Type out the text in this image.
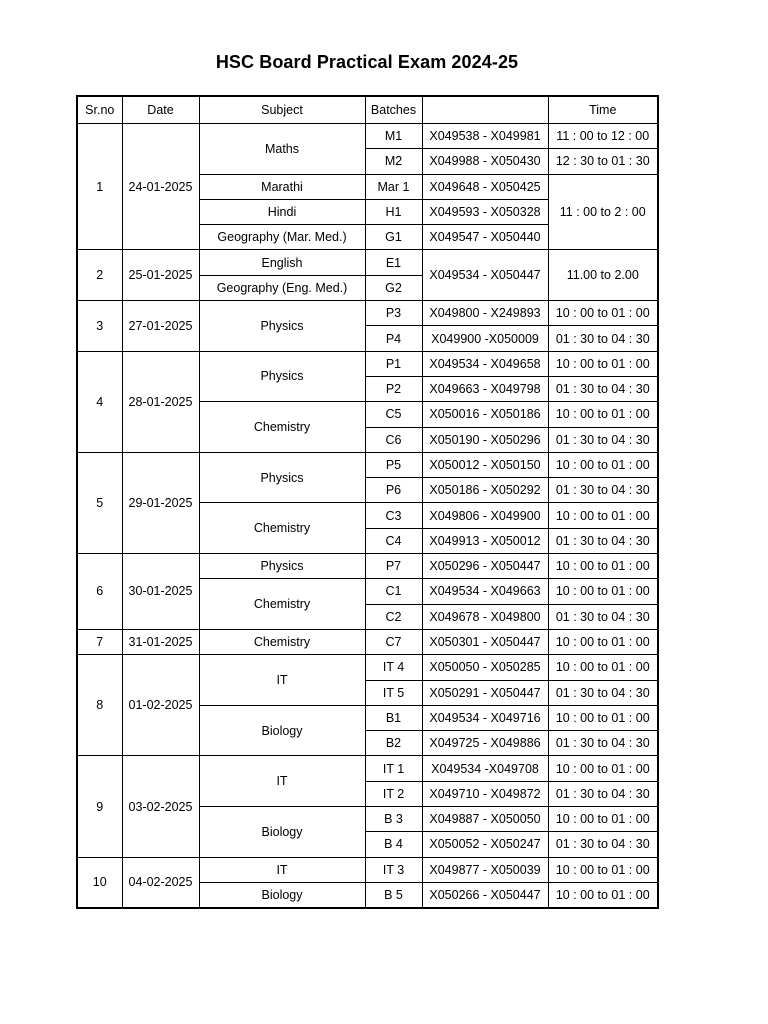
HSC Board Practical Exam 2024-25
Sr.no	Date	Subject	Batches		Time
1	24-01-2025	Maths	M1	X049538 - X049981	11 : 00 to 12 : 00
			M2	X049988 - X050430	12 : 30 to 01 : 30
		Marathi	Mar 1	X049648 - X050425	11 : 00 to 2 : 00
		Hindi	H1	X049593 - X050328	
		Geography (Mar. Med.)	G1	X049547 - X050440	
2	25-01-2025	English	E1	X049534 - X050447	11.00 to 2.00
		Geography (Eng. Med.)	G2		
3	27-01-2025	Physics	P3	X049800 - X249893	10 : 00 to 01 : 00
			P4	X049900 -X050009	01 : 30 to 04 : 30
4	28-01-2025	Physics	P1	X049534 - X049658	10 : 00 to 01 : 00
			P2	X049663 - X049798	01 : 30 to 04 : 30
		Chemistry	C5	X050016 - X050186	10 : 00 to 01 : 00
			C6	X050190 - X050296	01 : 30 to 04 : 30
5	29-01-2025	Physics	P5	X050012 - X050150	10 : 00 to 01 : 00
			P6	X050186 - X050292	01 : 30 to 04 : 30
		Chemistry	C3	X049806 - X049900	10 : 00 to 01 : 00
			C4	X049913 - X050012	01 : 30 to 04 : 30
6	30-01-2025	Physics	P7	X050296 - X050447	10 : 00 to 01 : 00
		Chemistry	C1	X049534 - X049663	10 : 00 to 01 : 00
			C2	X049678 - X049800	01 : 30 to 04 : 30
7	31-01-2025	Chemistry	C7	X050301 - X050447	10 : 00 to 01 : 00
8	01-02-2025	IT	IT 4	X050050 - X050285	10 : 00 to 01 : 00
			IT 5	X050291 - X050447	01 : 30 to 04 : 30
		Biology	B1	X049534 - X049716	10 : 00 to 01 : 00
			B2	X049725 - X049886	01 : 30 to 04 : 30
9	03-02-2025	IT	IT 1	X049534 -X049708	10 : 00 to 01 : 00
			IT 2	X049710 - X049872	01 : 30 to 04 : 30
		Biology	B 3	X049887 - X050050	10 : 00 to 01 : 00
			B 4	X050052 - X050247	01 : 30 to 04 : 30
10	04-02-2025	IT	IT 3	X049877 - X050039	10 : 00 to 01 : 00
		Biology	B 5	X050266 - X050447	10 : 00 to 01 : 00
